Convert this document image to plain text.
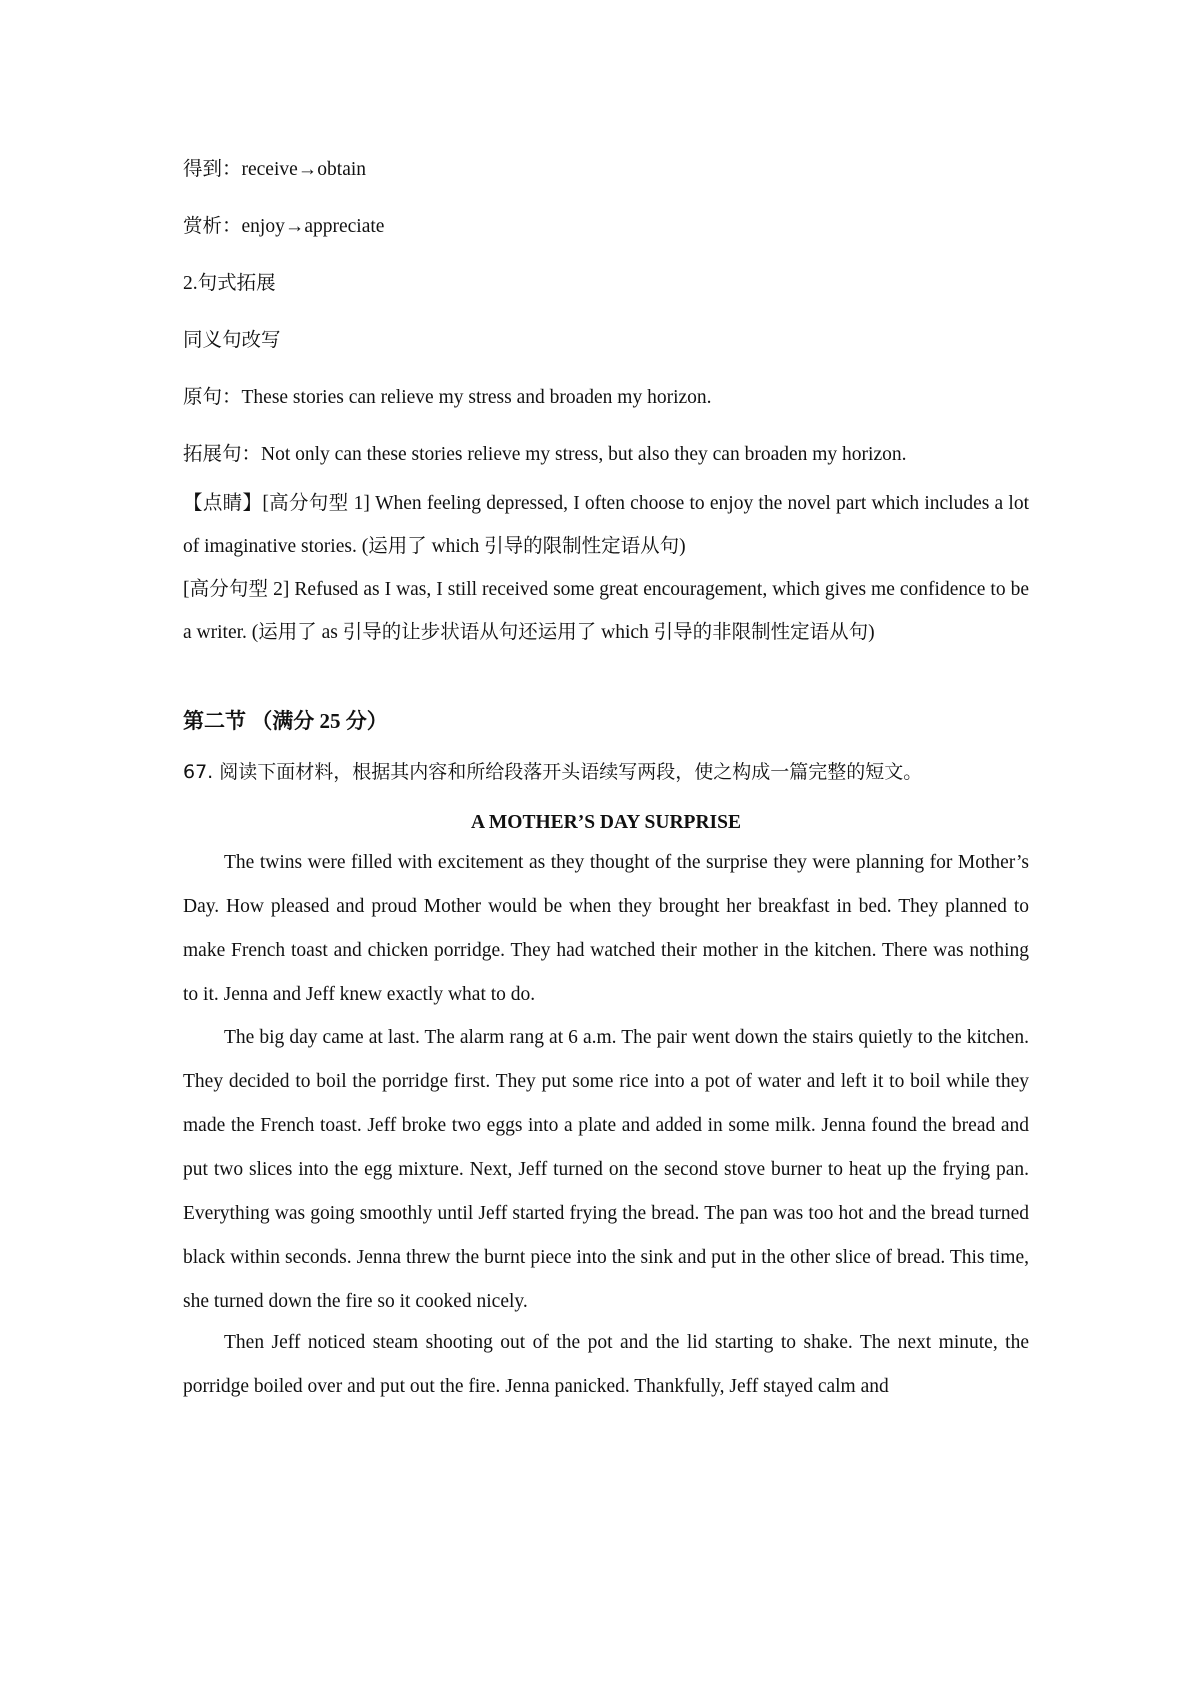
得到：receive→obtain
赏析：enjoy→appreciate
2.句式拓展
同义句改写
原句：These stories can relieve my stress and broaden my horizon.
拓展句：Not only can these stories relieve my stress, but also they can broaden my horizon.
【点睛】[高分句型 1] When feeling depressed, I often choose to enjoy the novel part which includes a lot of imaginative stories. (运用了 which 引导的限制性定语从句)
[高分句型 2] Refused as I was, I still received some great encouragement, which gives me confidence to be a writer. (运用了 as 引导的让步状语从句还运用了 which 引导的非限制性定语从句)
第二节 （满分 25 分）
67. 阅读下面材料，根据其内容和所给段落开头语续写两段，使之构成一篇完整的短文。
A MOTHER’S DAY SURPRISE
The twins were filled with excitement as they thought of the surprise they were planning for Mother’s Day. How pleased and proud Mother would be when they brought her breakfast in bed. They planned to make French toast and chicken porridge. They had watched their mother in the kitchen. There was nothing to it. Jenna and Jeff knew exactly what to do.
The big day came at last. The alarm rang at 6 a.m. The pair went down the stairs quietly to the kitchen. They decided to boil the porridge first. They put some rice into a pot of water and left it to boil while they made the French toast. Jeff broke two eggs into a plate and added in some milk. Jenna found the bread and put two slices into the egg mixture. Next, Jeff turned on the second stove burner to heat up the frying pan. Everything was going smoothly until Jeff started frying the bread. The pan was too hot and the bread turned black within seconds. Jenna threw the burnt piece into the sink and put in the other slice of bread. This time, she turned down the fire so it cooked nicely.
Then Jeff noticed steam shooting out of the pot and the lid starting to shake. The next minute, the porridge boiled over and put out the fire. Jenna panicked. Thankfully, Jeff stayed calm and
